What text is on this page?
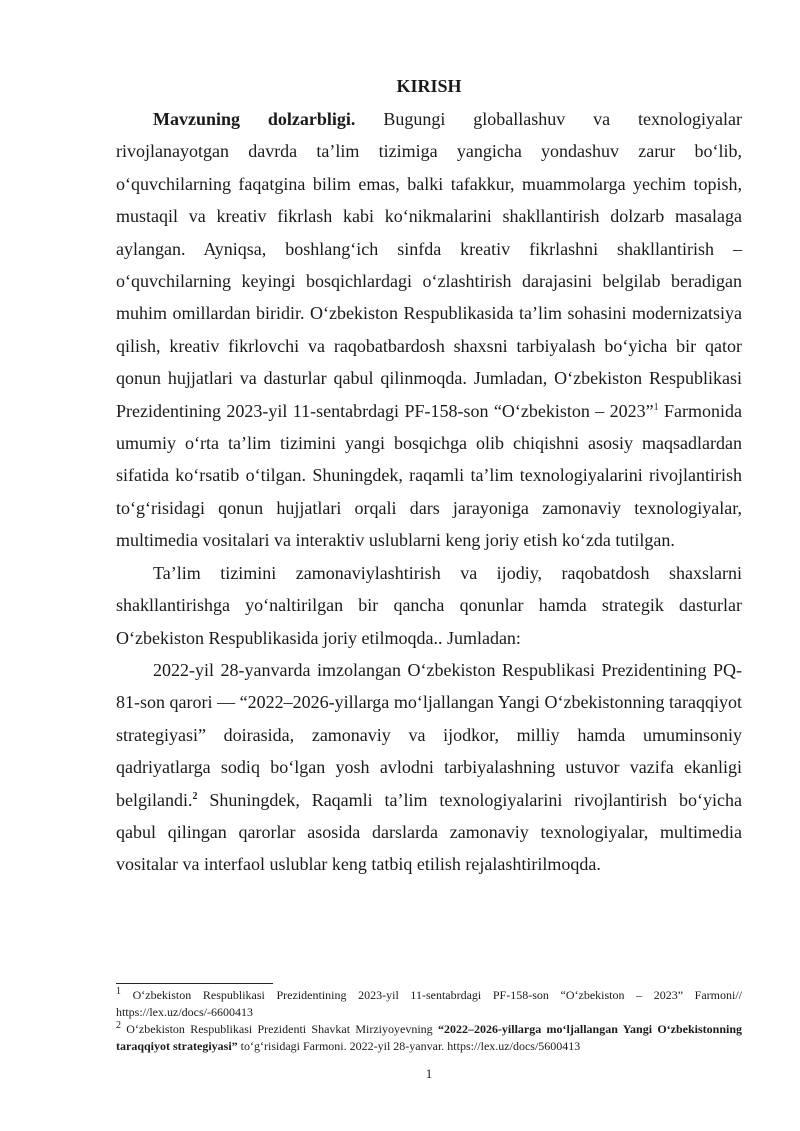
KIRISH

Mavzuning dolzarbligi. Bugungi globallashuv va texnologiyalar rivojlanayotgan davrda ta’lim tizimiga yangicha yondashuv zarur bo‘lib, o‘quvchilarning faqatgina bilim emas, balki tafakkur, muammolarga yechim topish, mustaqil va kreativ fikrlash kabi ko‘nikmalarini shakllantirish dolzarb masalaga aylangan. Ayniqsa, boshlang‘ich sinfda kreativ fikrlashni shakllantirish – o‘quvchilarning keyingi bosqichlardagi o‘zlashtirish darajasini belgilab beradigan muhim omillardan biridir. O‘zbekiston Respublikasida ta’lim sohasini modernizatsiya qilish, kreativ fikrlovchi va raqobatbardosh shaxsni tarbiyalash bo‘yicha bir qator qonun hujjatlari va dasturlar qabul qilinmoqda. Jumladan, O‘zbekiston Respublikasi Prezidentining 2023-yil 11-sentabrdagi PF-158-son “O‘zbekiston – 2023”$^1$ Farmonida umumiy o‘rta ta’lim tizimini yangi bosqichga olib chiqishni asosiy maqsadlardan sifatida ko‘rsatib o‘tilgan. Shuningdek, raqamli ta’lim texnologiyalarini rivojlantirish to‘g‘risidagi qonun hujjatlari orqali dars jarayoniga zamonaviy texnologiyalar, multimedia vositalari va interaktiv uslublarni keng joriy etish ko‘zda tutilgan.

Ta’lim tizimini zamonaviylashtirish va ijodiy, raqobatdosh shaxslarni shakllantirishga yo‘naltirilgan bir qancha qonunlar hamda strategik dasturlar O‘zbekiston Respublikasida joriy etilmoqda.. Jumladan:

2022-yil 28-yanvarda imzolangan O‘zbekiston Respublikasi Prezidentining PQ-81-son qarori — “2022–2026-yillarga mo‘ljallangan Yangi O‘zbekistonning taraqqiyot strategiyasi” doirasida, zamonaviy va ijodkor, milliy hamda umuminsoniy qadriyatlarga sodiq bo‘lgan yosh avlodni tarbiyalashning ustuvor vazifa ekanligi belgilandi.$^2$ Shuningdek, Raqamli ta’lim texnologiyalarini rivojlantirish bo‘yicha qabul qilingan qarorlar asosida darslarda zamonaviy texnologiyalar, multimedia vositalar va interfaol uslublar keng tatbiq etilish rejalashtirilmoqda.

$^1$ O‘zbekiston Respublikasi Prezidentining 2023-yil 11-sentabrdagi PF-158-son “O‘zbekiston – 2023” Farmoni// https://lex.uz/docs/-6600413

$^2$ O‘zbekiston Respublikasi Prezidenti Shavkat Mirziyoyevning “2022–2026-yillarga mo‘ljallangan Yangi O‘zbekistonning taraqqiyot strategiyasi” to‘g‘risidagi Farmoni. 2022-yil 28-yanvar. https://lex.uz/docs/5600413

1
